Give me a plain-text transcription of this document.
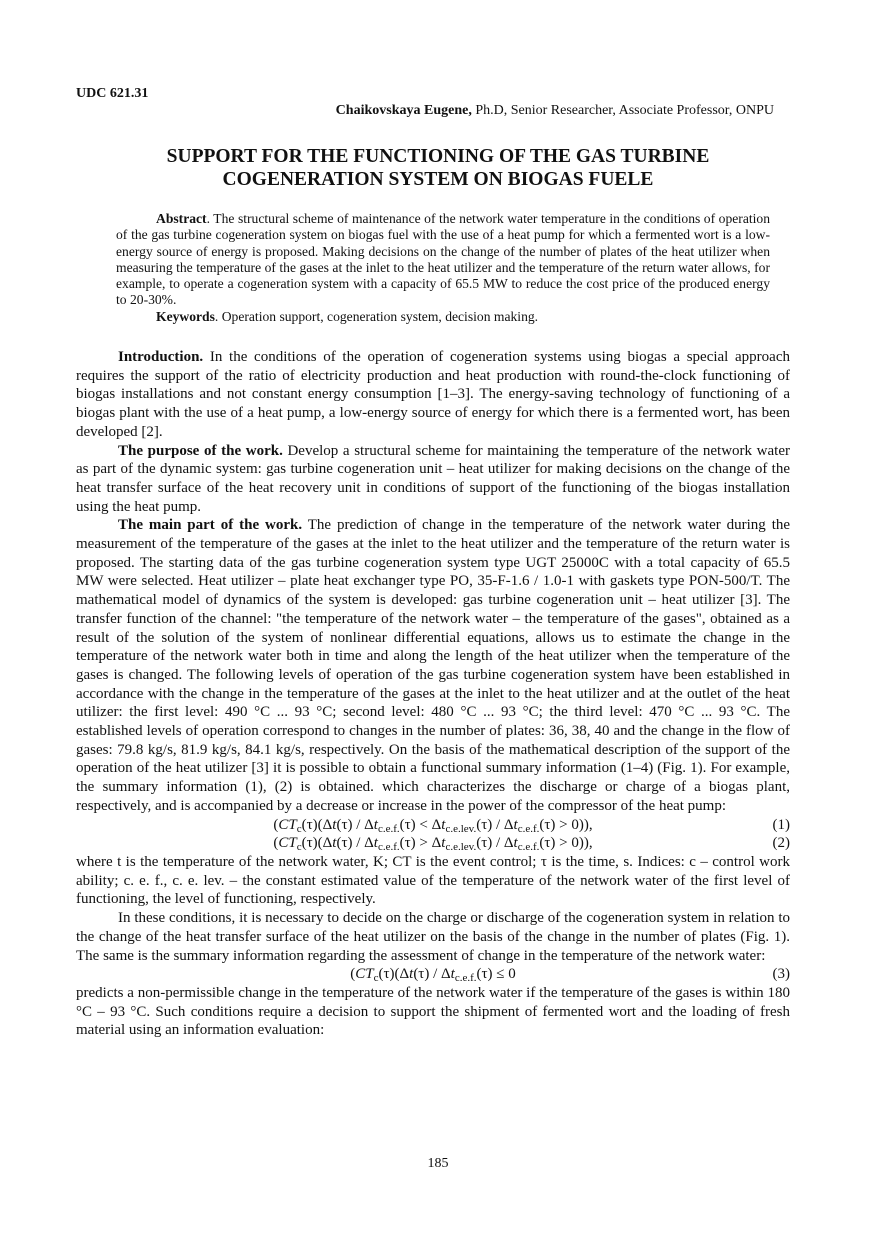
UDC 621.31
Chaikovskaya Eugene, Ph.D, Senior Researcher, Associate Professor, ONPU
SUPPORT FOR THE FUNCTIONING OF THE GAS TURBINE
COGENERATION SYSTEM ON BIOGAS FUELE

Abstract. The structural scheme of maintenance of the network water temperature in the conditions of operation of the gas turbine cogeneration system on biogas fuel with the use of a heat pump for which a fermented wort is a low-energy source of energy is proposed. Making decisions on the change of the number of plates of the heat utilizer when measuring the temperature of the gases at the inlet to the heat utilizer and the temperature of the return water allows, for example, to operate a cogeneration system with a capacity of 65.5 MW to reduce the cost price of the produced energy to 20-30%.

Keywords. Operation support, cogeneration system, decision making.

Introduction. In the conditions of the operation of cogeneration systems using biogas a special approach requires the support of the ratio of electricity production and heat production with round-the-clock functioning of biogas installations and not constant energy consumption [1–3]. The energy-saving technology of functioning of a biogas plant with the use of a heat pump, a low-energy source of energy for which there is a fermented wort, has been developed [2].

The purpose of the work. Develop a structural scheme for maintaining the temperature of the network water as part of the dynamic system: gas turbine cogeneration unit – heat utilizer for making decisions on the change of the heat transfer surface of the heat recovery unit in conditions of support of the functioning of the biogas installation using the heat pump.

The main part of the work. The prediction of change in the temperature of the network water during the measurement of the temperature of the gases at the inlet to the heat utilizer and the temperature of the return water is proposed. The starting data of the gas turbine cogeneration system type UGT 25000C with a total capacity of 65.5 MW were selected. Heat utilizer – plate heat exchanger type PO, 35-F-1.6 / 1.0-1 with gaskets type PON-500/T. The mathematical model of dynamics of the system is developed: gas turbine cogeneration unit – heat utilizer [3]. The transfer function of the channel: "the temperature of the network water – the temperature of the gases", obtained as a result of the solution of the system of nonlinear differential equations, allows us to estimate the change in the temperature of the network water both in time and along the length of the heat utilizer when the temperature of the gases is changed. The following levels of operation of the gas turbine cogeneration system have been established in accordance with the change in the temperature of the gases at the inlet to the heat utilizer and at the outlet of the heat utilizer: the first level: 490 °C ... 93 °C; second level: 480 °C ... 93 °C; the third level: 470 °C ... 93 °C. The established levels of operation correspond to changes in the number of plates: 36, 38, 40 and the change in the flow of gases: 79.8 kg/s, 81.9 kg/s, 84.1 kg/s, respectively. On the basis of the mathematical description of the support of the operation of the heat utilizer [3] it is possible to obtain a functional summary information (1–4) (Fig. 1). For example, the summary information (1), (2) is obtained. which characterizes the discharge or charge of a biogas plant, respectively, and is accompanied by a decrease or increase in the power of the compressor of the heat pump:

$(CT_c(\tau)(\Delta t(\tau) / \Delta t_{c.e.f.}(\tau) < \Delta t_{c.e.lev.}(\tau) / \Delta t_{c.e.f.}(\tau) > 0))$,	(1)

$(CT_c(\tau)(\Delta t(\tau) / \Delta t_{c.e.f.}(\tau) > \Delta t_{c.e.lev.}(\tau) / \Delta t_{c.e.f.}(\tau) > 0))$,	(2)

where t is the temperature of the network water, K; CT is the event control; τ is the time, s. Indices: c – control work ability; c. e. f., c. e. lev. – the constant estimated value of the temperature of the network water of the first level of functioning, the level of functioning, respectively.

In these conditions, it is necessary to decide on the charge or discharge of the cogeneration system in relation to the change of the heat transfer surface of the heat utilizer on the basis of the change in the number of plates (Fig. 1). The same is the summary information regarding the assessment of change in the temperature of the network water:

($CT_c(\tau)(\Delta t(\tau) / \Delta t_{c.e.f.}(\tau) \le 0$	(3)

predicts a non-permissible change in the temperature of the network water if the temperature of the gases is within 180 °C – 93 °C. Such conditions require a decision to support the shipment of fermented wort and the loading of fresh material using an information evaluation:

185
